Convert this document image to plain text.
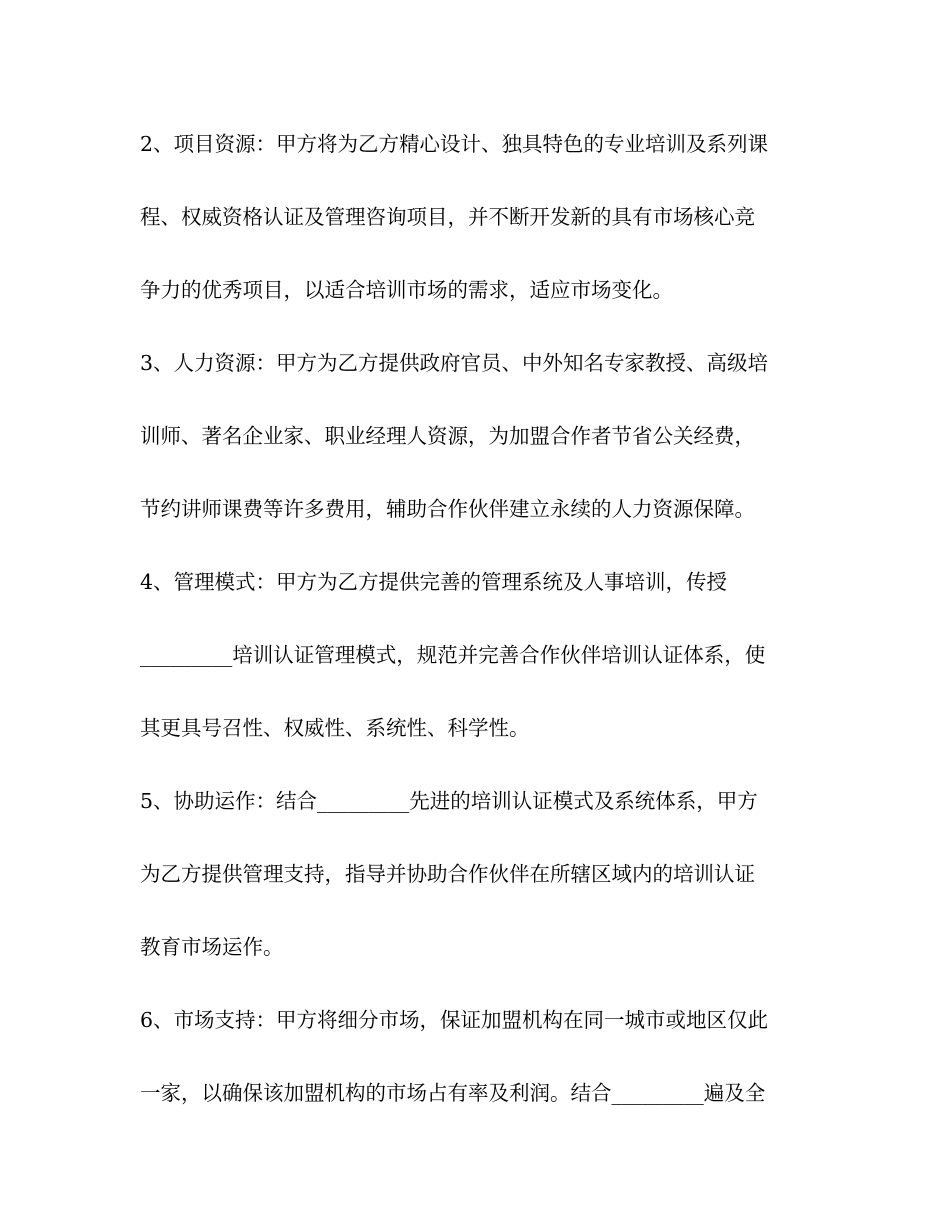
2、项目资源：甲方将为乙方精心设计、独具特色的专业培训及系列课
程、权威资格认证及管理咨询项目，并不断开发新的具有市场核心竞
争力的优秀项目，以适合培训市场的需求，适应市场变化。
3、人力资源：甲方为乙方提供政府官员、中外知名专家教授、高级培
训师、著名企业家、职业经理人资源，为加盟合作者节省公关经费，
节约讲师课费等许多费用，辅助合作伙伴建立永续的人力资源保障。
4、管理模式：甲方为乙方提供完善的管理系统及人事培训，传授
_________培训认证管理模式，规范并完善合作伙伴培训认证体系，使
其更具号召性、权威性、系统性、科学性。
5、协助运作：结合_________先进的培训认证模式及系统体系，甲方
为乙方提供管理支持，指导并协助合作伙伴在所辖区域内的培训认证
教育市场运作。
6、市场支持：甲方将细分市场，保证加盟机构在同一城市或地区仅此
一家，以确保该加盟机构的市场占有率及利润。结合_________遍及全
